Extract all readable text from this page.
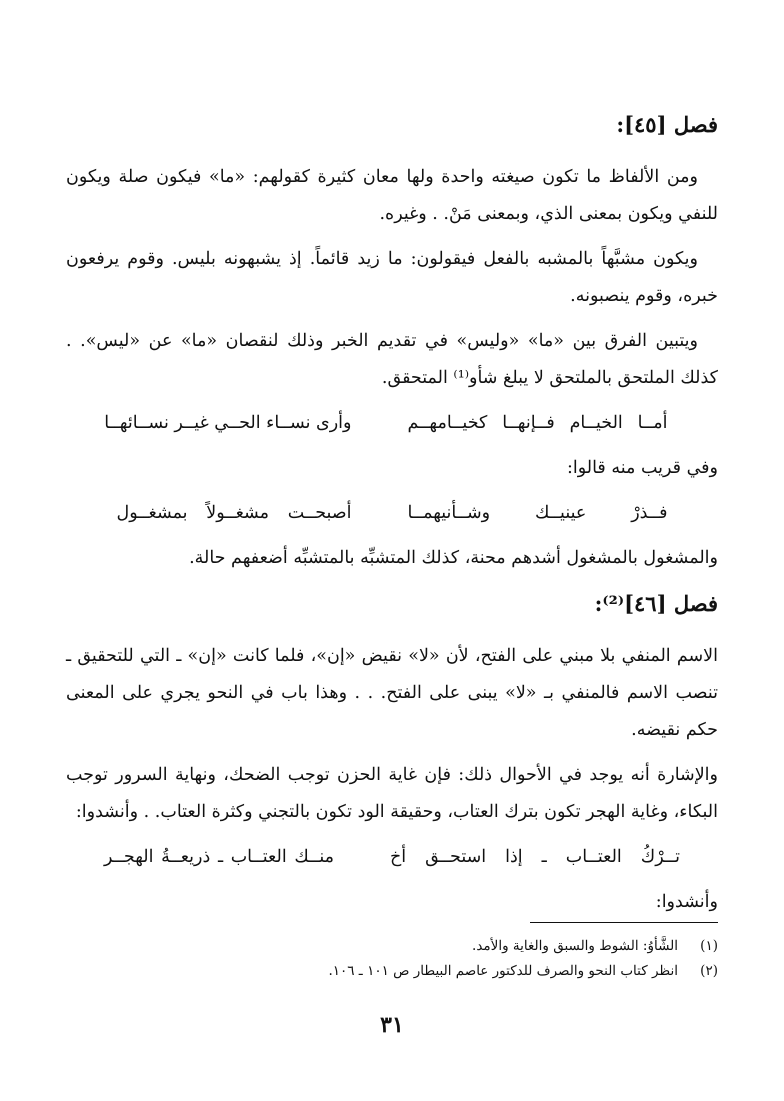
فصل [٤٥]:

ومن الألفاظ ما تكون صيغته واحدة ولها معان كثيرة كقولهم: «ما» فيكون صلة ويكون للنفي ويكون بمعنى الذي، وبمعنى مَنْ. . وغيره.

ويكون مشبَّهاً بالمشبه بالفعل فيقولون: ما زيد قائماً. إذ يشبهونه بليس. وقوم يرفعون خبره، وقوم ينصبونه.

ويتبين الفرق بين «ما» «وليس» في تقديم الخبر وذلك لنقصان «ما» عن «ليس». . كذلك الملتحق بالملتحق لا يبلغ شأو⁽¹⁾ المتحقق.

أمــا الخيــام فــإنهــا كخيــامهــم
وأرى نســاء الحــي غيــر نســائهــا

وفي قريب منه قالوا:

فــذرْ عينيــك وشــأنيهمــا
أصبحــت مشغــولاً بمشغــول

والمشغول بالمشغول أشدهم محنة، كذلك المتشبِّه بالمتشبِّه أضعفهم حالة.

فصل [٤٦]⁽²⁾:

الاسم المنفي بلا مبني على الفتح، لأن «لا» نقيض «إن»، فلما كانت «إن» ـ التي للتحقيق ـ تنصب الاسم فالمنفي بـ «لا» يبنى على الفتح. . . وهذا باب في النحو يجري على المعنى حكم نقيضه.

والإشارة أنه يوجد في الأحوال ذلك: فإن غاية الحزن توجب الضحك، ونهاية السرور توجب البكاء، وغاية الهجر تكون بترك العتاب، وحقيقة الود تكون بالتجني وكثرة العتاب. . وأنشدوا:

تــرْكُ العتــاب ـ إذا استحــق أخ
منــك العتــاب ـ ذريعــةُ الهجــر

وأنشدوا:

(١)
الشَّأوُ: الشوط والسبق والغاية والأمد.
(٢)
انظر كتاب النحو والصرف للدكتور عاصم البيطار ص ١٠١ ـ ١٠٦.
٣١
